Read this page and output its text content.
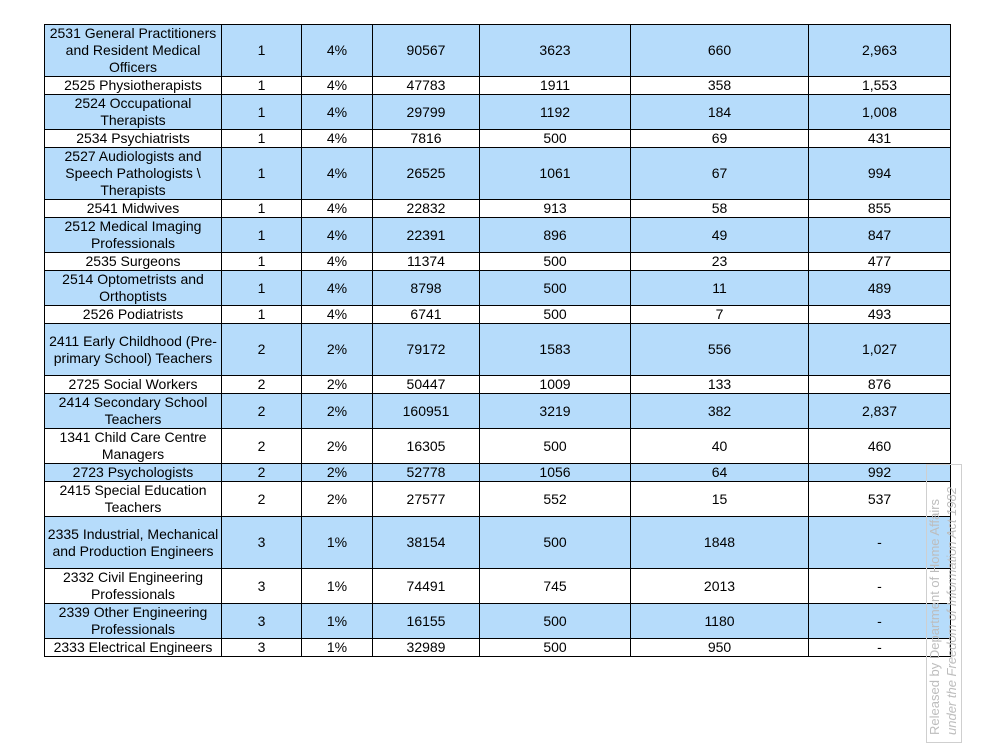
2531 General Practitioners and Resident Medical Officers	1	4%	90567	3623	660	2,963
2525 Physiotherapists	1	4%	47783	1911	358	1,553
2524 Occupational Therapists	1	4%	29799	1192	184	1,008
2534 Psychiatrists	1	4%	7816	500	69	431
2527 Audiologists and Speech Pathologists \ Therapists	1	4%	26525	1061	67	994
2541 Midwives	1	4%	22832	913	58	855
2512 Medical Imaging Professionals	1	4%	22391	896	49	847
2535 Surgeons	1	4%	11374	500	23	477
2514 Optometrists and Orthoptists	1	4%	8798	500	11	489
2526 Podiatrists	1	4%	6741	500	7	493
2411 Early Childhood (Pre-primary School) Teachers	2	2%	79172	1583	556	1,027
2725 Social Workers	2	2%	50447	1009	133	876
2414 Secondary School Teachers	2	2%	160951	3219	382	2,837
1341 Child Care Centre Managers	2	2%	16305	500	40	460
2723 Psychologists	2	2%	52778	1056	64	992
2415 Special Education Teachers	2	2%	27577	552	15	537
2335 Industrial, Mechanical and Production Engineers	3	1%	38154	500	1848	-
2332 Civil Engineering Professionals	3	1%	74491	745	2013	-
2339 Other Engineering Professionals	3	1%	16155	500	1180	-
2333 Electrical Engineers	3	1%	32989	500	950	-	Released by Department of Home Affairs under the Freedom of Information Act 1982
